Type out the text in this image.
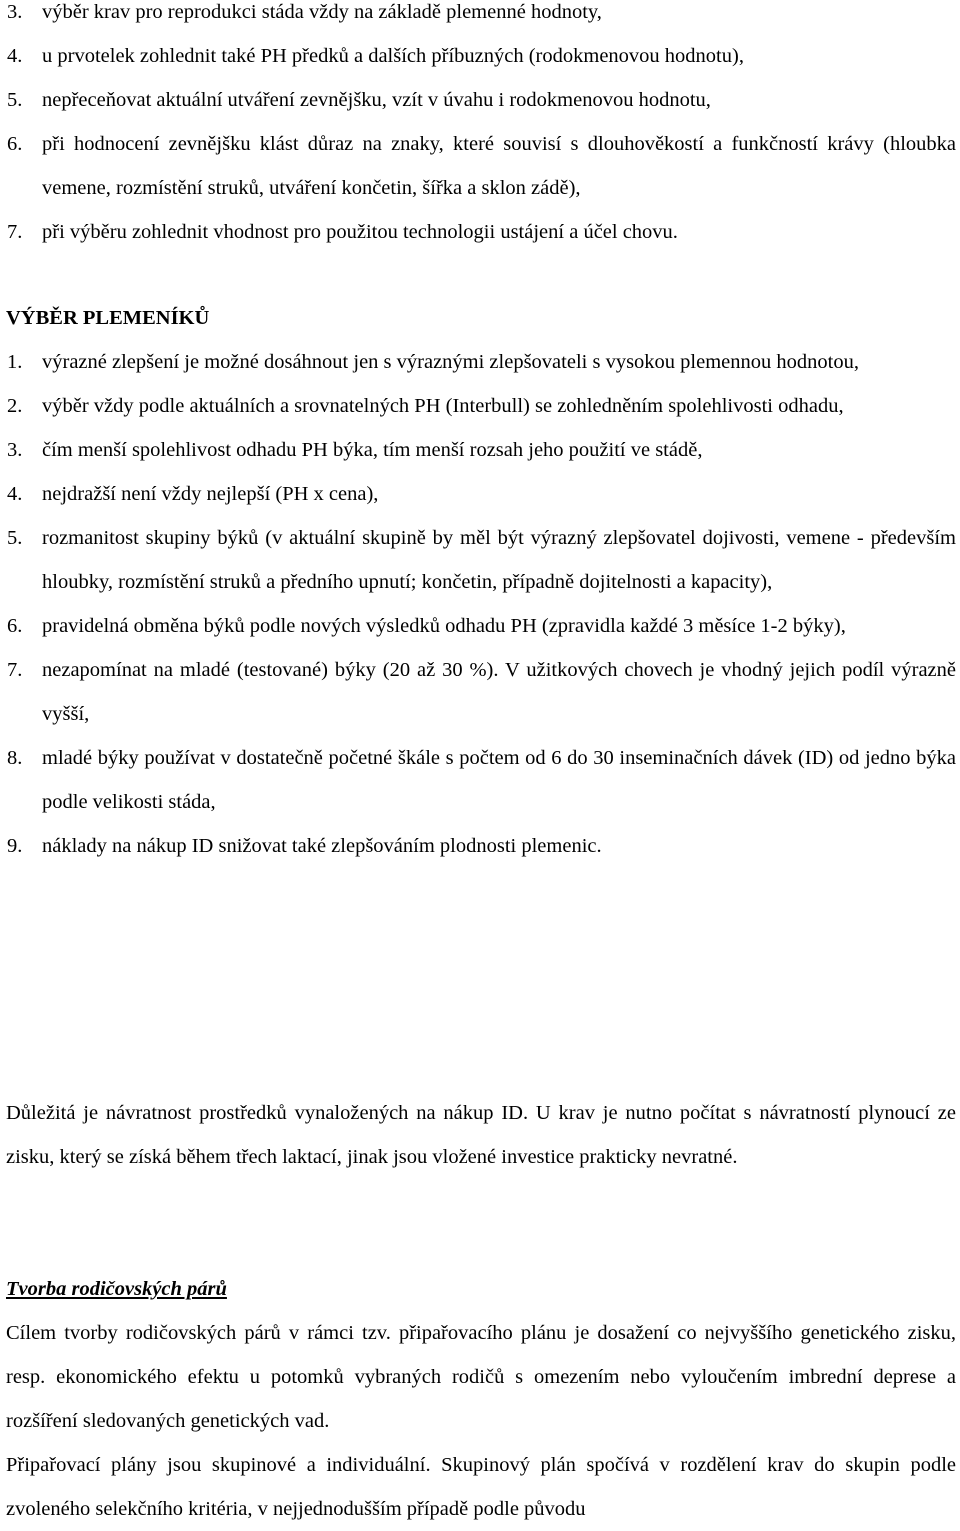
3. výběr krav pro reprodukci stáda vždy na základě plemenné hodnoty,
4. u prvotelek zohlednit také PH předků a dalších příbuzných (rodokmenovou hodnotu),
5. nepřeceňovat aktuální utváření zevnějšku, vzít v úvahu i rodokmenovou hodnotu,
6. při hodnocení zevnějšku klást důraz na znaky, které souvisí s dlouhověkostí a funkčností krávy (hloubka vemene, rozmístění struků, utváření končetin, šířka a sklon zádě),
7. při výběru zohlednit vhodnost pro použitou technologii ustájení a účel chovu.
VÝBĚR PLEMENÍKŮ
1. výrazné zlepšení je možné dosáhnout jen s výraznými zlepšovateli s vysokou plemennou hodnotou,
2. výběr vždy podle aktuálních a srovnatelných PH (Interbull) se zohledněním spolehlivosti odhadu,
3. čím menší spolehlivost odhadu PH býka, tím menší rozsah jeho použití ve stádě,
4. nejdražší není vždy nejlepší (PH x cena),
5. rozmanitost skupiny býků (v aktuální skupině by měl být výrazný zlepšovatel dojivosti, vemene - především hloubky, rozmístění struků a předního upnutí; končetin, případně dojitelnosti a kapacity),
6. pravidelná obměna býků podle nových výsledků odhadu PH (zpravidla každé 3 měsíce 1-2 býky),
7. nezapomínat na mladé (testované) býky (20 až 30 %). V užitkových chovech je vhodný jejich podíl výrazně vyšší,
8. mladé býky používat v dostatečně početné škále s počtem od 6 do 30 inseminačních dávek (ID) od jedno býka podle velikosti stáda,
9. náklady na nákup ID snižovat také zlepšováním plodnosti plemenic.

Důležitá je návratnost prostředků vynaložených na nákup ID. U krav je nutno počítat s návratností plynoucí ze zisku, který se získá během třech laktací, jinak jsou vložené investice prakticky nevratné.

Tvorba rodičovských párů

Cílem tvorby rodičovských párů v rámci tzv. připařovacího plánu je dosažení co nejvyššího genetického zisku, resp. ekonomického efektu u potomků vybraných rodičů s omezením nebo vyloučením imbrední deprese a rozšíření sledovaných genetických vad.

Připařovací plány jsou skupinové a individuální. Skupinový plán spočívá v rozdělení krav do skupin podle zvoleného selekčního kritéria, v nejjednodušším případě podle původu
